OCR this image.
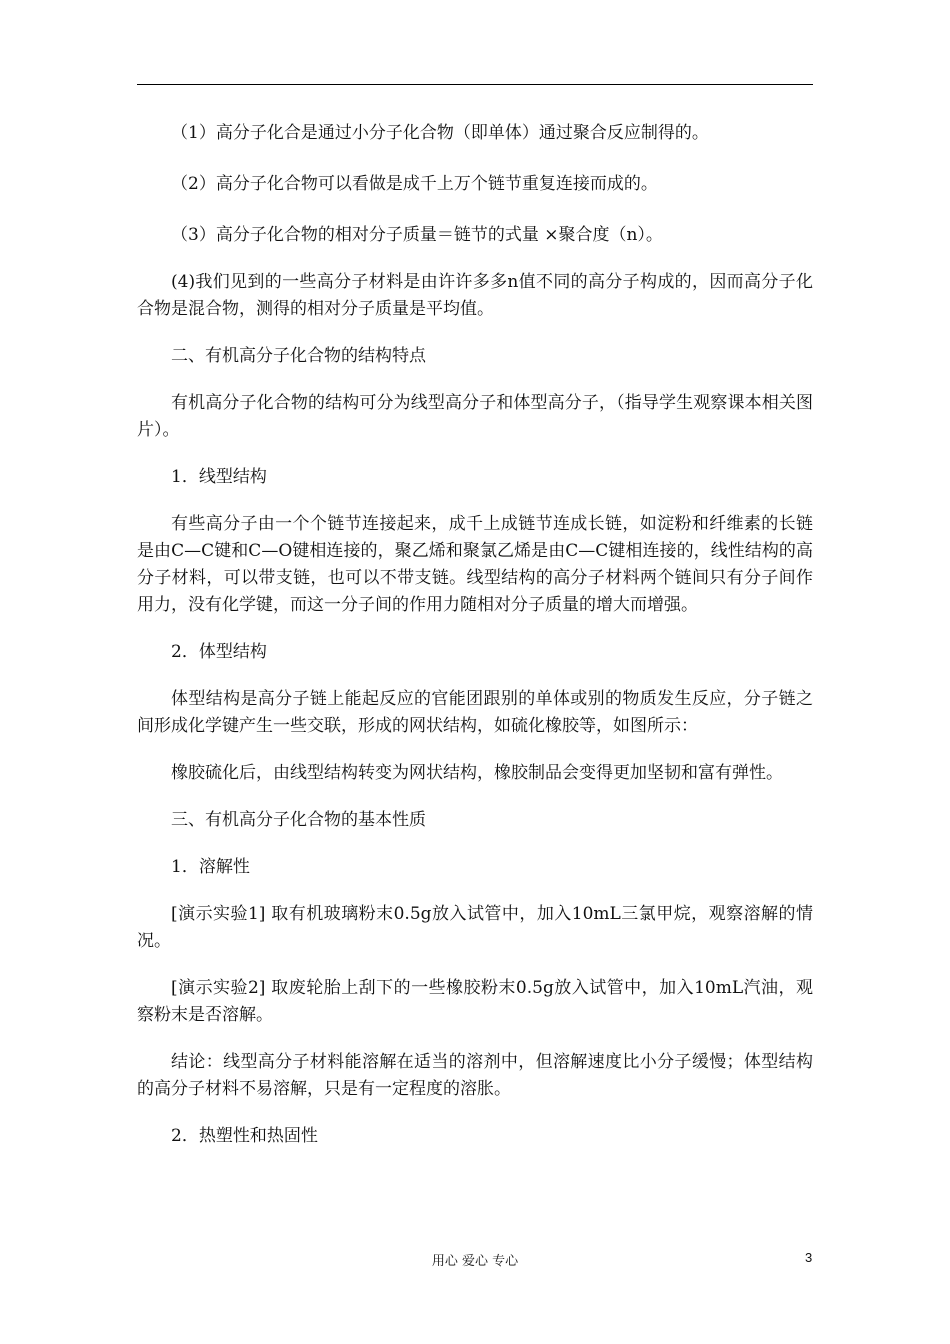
（1）高分子化合是通过小分子化合物（即单体）通过聚合反应制得的。

（2）高分子化合物可以看做是成千上万个链节重复连接而成的。

（3）高分子化合物的相对分子质量＝链节的式量 ×聚合度（n）。

(4)我们见到的一些高分子材料是由许许多多n值不同的高分子构成的，因而高分子化合物是混合物，测得的相对分子质量是平均值。

二、有机高分子化合物的结构特点

有机高分子化合物的结构可分为线型高分子和体型高分子，（指导学生观察课本相关图片）。

1．线型结构

有些高分子由一个个链节连接起来，成千上成链节连成长链，如淀粉和纤维素的长链是由C—C键和C—O键相连接的，聚乙烯和聚氯乙烯是由C—C键相连接的，线性结构的高分子材料，可以带支链，也可以不带支链。线型结构的高分子材料两个链间只有分子间作用力，没有化学键，而这一分子间的作用力随相对分子质量的增大而增强。

2．体型结构

体型结构是高分子链上能起反应的官能团跟别的单体或别的物质发生反应，分子链之间形成化学键产生一些交联，形成的网状结构，如硫化橡胶等，如图所示：

橡胶硫化后，由线型结构转变为网状结构，橡胶制品会变得更加坚韧和富有弹性。

三、有机高分子化合物的基本性质

1．溶解性

[演示实验1] 取有机玻璃粉末0.5g放入试管中，加入10mL三氯甲烷，观察溶解的情况。

[演示实验2] 取废轮胎上刮下的一些橡胶粉末0.5g放入试管中，加入10mL汽油，观察粉末是否溶解。

结论：线型高分子材料能溶解在适当的溶剂中，但溶解速度比小分子缓慢；体型结构的高分子材料不易溶解，只是有一定程度的溶胀。

2．热塑性和热固性

用心 爱心 专心	3
